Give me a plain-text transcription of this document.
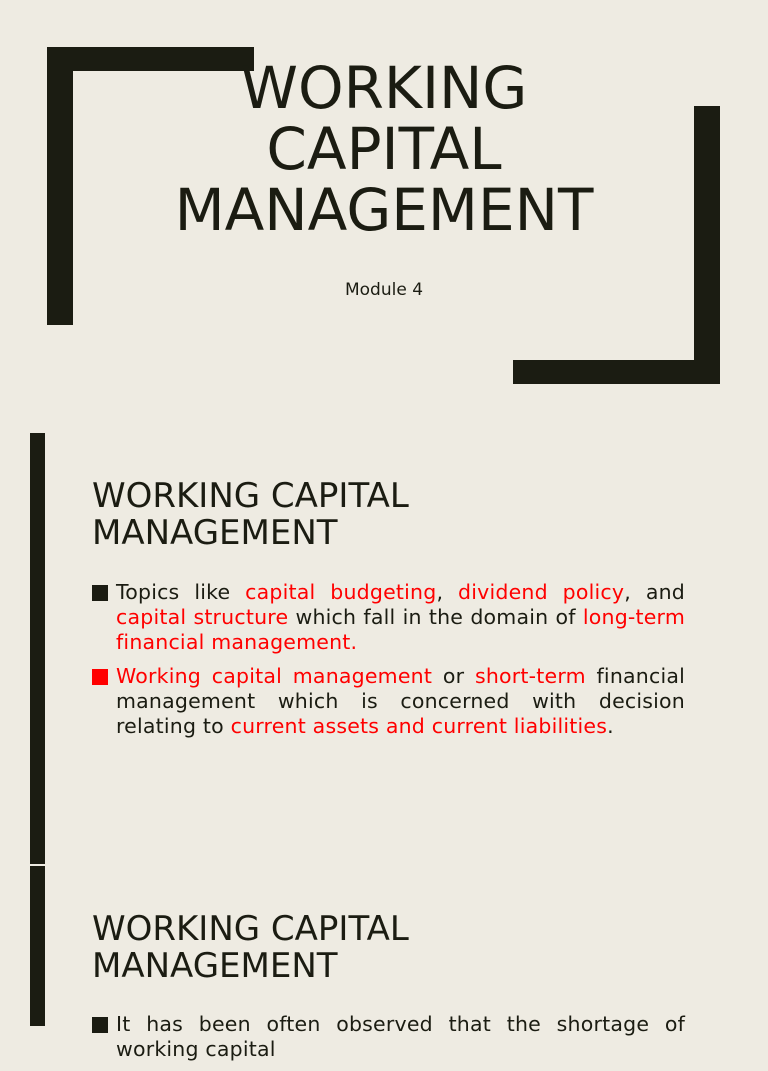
WORKING
CAPITAL
MANAGEMENT
Module 4
WORKING CAPITAL
MANAGEMENT
Topics like capital budgeting, dividend policy, and capital structure which fall in the domain of long-term financial management.
Working capital management or short-term financial management which is concerned with decision relating to current assets and current liabilities.
WORKING CAPITAL
MANAGEMENT
It has been often observed that the shortage of working capital
